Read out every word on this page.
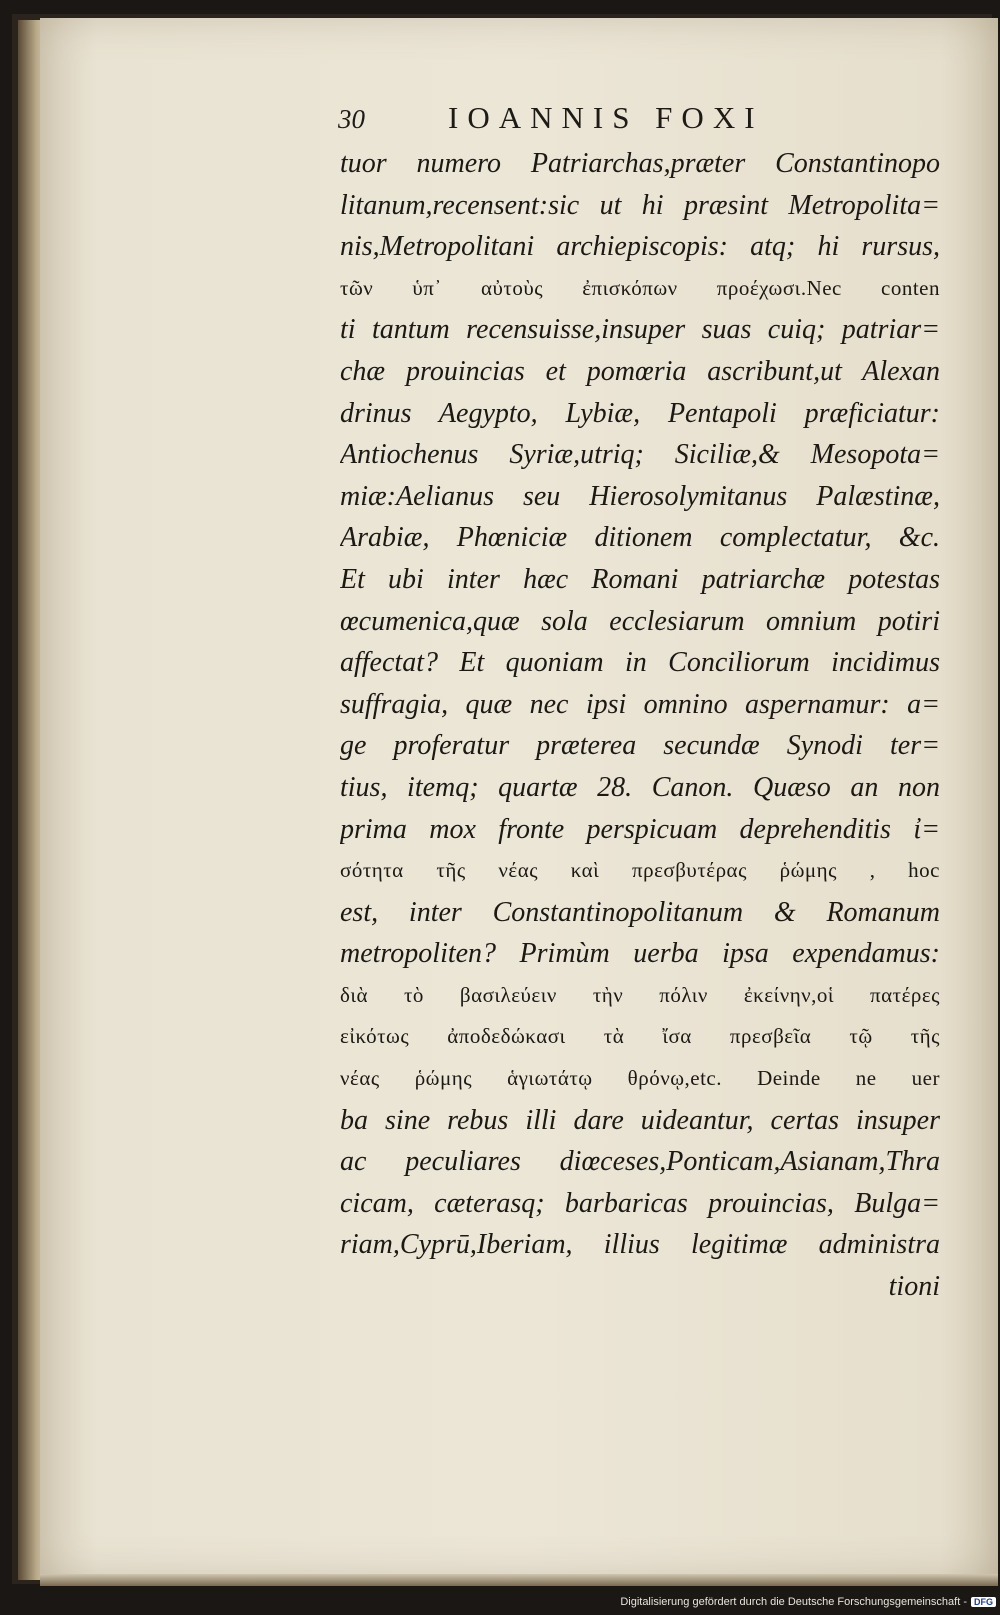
30	IOANNIS FOXI
tuor numero Patriarchas,præter Constantinopo
litanum,recensent:sic ut hi præsint Metropolita=
nis,Metropolitani archiepiscopis: atq; hi rursus,
τῶν ὑπ᾽ αὐτοὺς ἐπισκόπων προέχωσι.Nec conten
ti tantum recensuisse,insuper suas cuiq; patriar=
chæ prouincias et pomœria ascribunt,ut Alexan
drinus Aegypto, Lybiæ, Pentapoli præficiatur:
Antiochenus Syriæ,utriq; Siciliæ,& Mesopota=
miæ:Aelianus seu Hierosolymitanus Palæstinæ,
Arabiæ, Phœniciæ ditionem complectatur, &c.
Et ubi inter hæc Romani patriarchæ potestas
œcumenica,quæ sola ecclesiarum omnium potiri
affectat? Et quoniam in Conciliorum incidimus
suffragia, quæ nec ipsi omnino aspernamur: a=
ge proferatur præterea secundæ Synodi ter=
tius, itemq; quartæ 28. Canon. Quæso an non
prima mox fronte perspicuam deprehenditis ἰ=
σότητα τῆς νέας καὶ πρεσβυτέρας ῥώμης , hoc
est, inter Constantinopolitanum & Romanum
metropoliten? Primùm uerba ipsa expendamus:
διὰ τὸ βασιλεύειν τὴν πόλιν ἐκείνην,οἱ πατέρες
εἰκότως ἀποδεδώκασι τὰ ἴσα πρεσβεῖα τῷ τῆς
νέας ῥώμης ἁγιωτάτῳ θρόνῳ,etc. Deinde ne uer
ba sine rebus illi dare uideantur, certas insuper
ac peculiares diœceses,Ponticam,Asianam,Thra
cicam, cæterasq; barbaricas prouincias, Bulga=
riam,Cyprū,Iberiam, illius legitimæ administra
tioni
Digitalisierung gefördert durch die Deutsche Forschungsgemeinschaft - DFG
